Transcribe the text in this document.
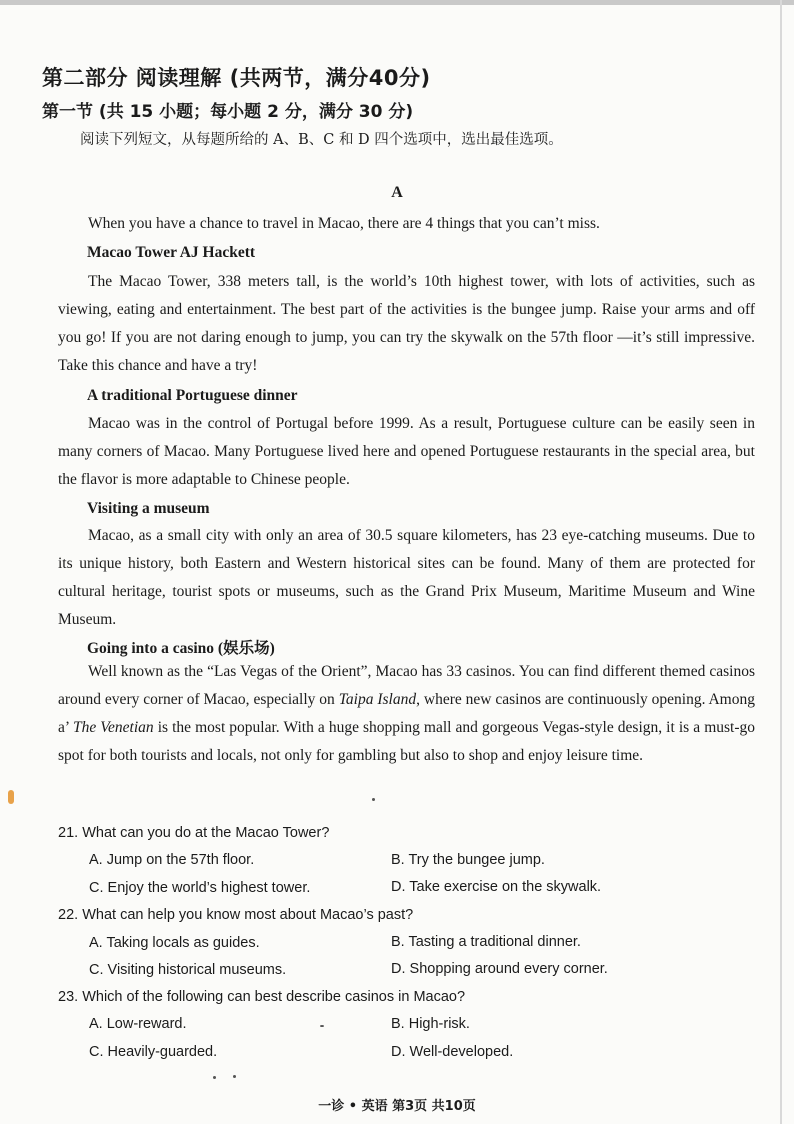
第二部分 阅读理解 (共两节，满分40分)
第一节 (共 15 小题；每小题 2 分，满分 30 分)
阅读下列短文，从每题所给的 A、B、C 和 D 四个选项中，选出最佳选项。
A
When you have a chance to travel in Macao, there are 4 things that you can’t miss.
Macao Tower AJ Hackett
The Macao Tower, 338 meters tall, is the world’s 10th highest tower, with lots of activities, such as viewing, eating and entertainment. The best part of the activities is the bungee jump. Raise your arms and off you go! If you are not daring enough to jump, you can try the skywalk on the 57th floor —it’s still impressive. Take this chance and have a try!
A traditional Portuguese dinner
Macao was in the control of Portugal before 1999. As a result, Portuguese culture can be easily seen in many corners of Macao. Many Portuguese lived here and opened Portuguese restaurants in the special area, but the flavor is more adaptable to Chinese people.
Visiting a museum
Macao, as a small city with only an area of 30.5 square kilometers, has 23 eye-catching museums. Due to its unique history, both Eastern and Western historical sites can be found. Many of them are protected for cultural heritage, tourist spots or museums, such as the Grand Prix Museum, Maritime Museum and Wine Museum.
Going into a casino (娱乐场)
Well known as the “Las Vegas of the Orient”, Macao has 33 casinos. You can find different themed casinos around every corner of Macao, especially on Taipa Island, where new casinos are continuously opening. Among a’ The Venetian is the most popular. With a huge shopping mall and gorgeous Vegas-style design, it is a must-go spot for both tourists and locals, not only for gambling but also to shop and enjoy leisure time.
21. What can you do at the Macao Tower?
A. Jump on the 57th floor.	B. Try the bungee jump.
C. Enjoy the world’s highest tower.	D. Take exercise on the skywalk.
22. What can help you know most about Macao’s past?
A. Taking locals as guides.	B. Tasting a traditional dinner.
C. Visiting historical museums.	D. Shopping around every corner.
23. Which of the following can best describe casinos in Macao?
A. Low-reward.	B. High-risk.
C. Heavily-guarded.	D. Well-developed.
一诊 • 英语 第3页 共10页
